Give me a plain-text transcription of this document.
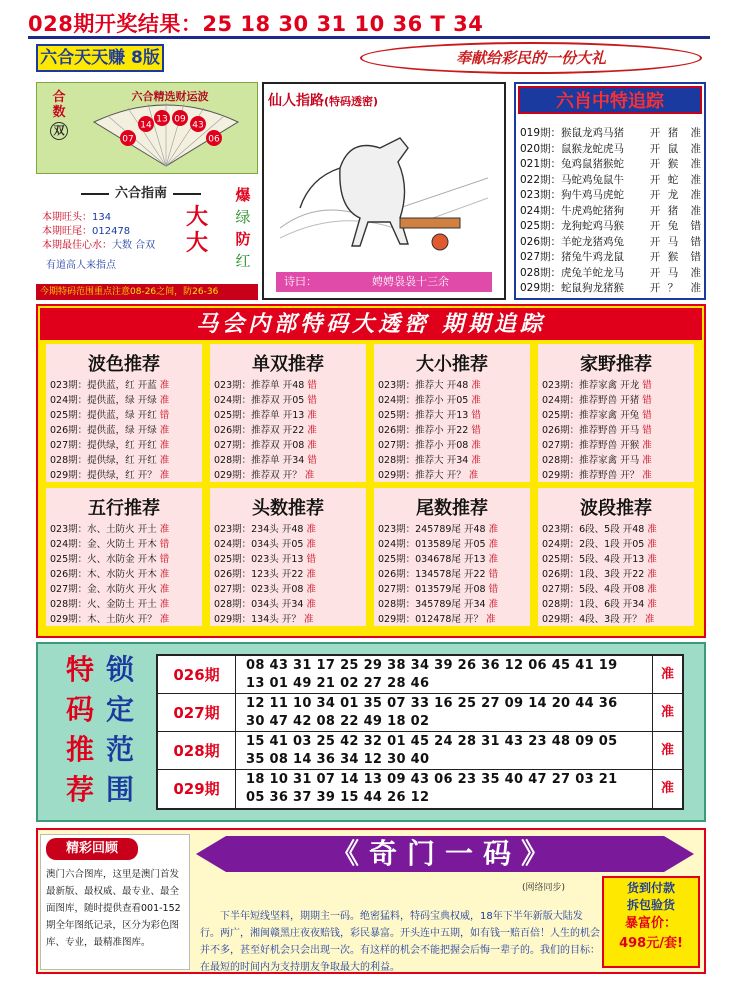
028期开奖结果：25 18 30 31 10 36 T 34
六合天天赚 8版	奉献给彩民的一份大礼
合数
双
六合精选财运波
07
14
13 09
43
06
六合指南
本期旺头：134
本期旺尾：012478
本期最佳心水：大数 合双
有道高人来指点
大
大
爆
绿
防
红
今期特码范围重点注意08-26之间，防26-36
仙人指路(特码透密)
诗曰：	娉娉袅袅十三余
六肖中特追踪
019期：猴鼠龙鸡马猪 开 猪 准
020期：鼠猴龙蛇虎马 开 鼠 准
021期：兔鸡鼠猪猴蛇 开 猴 准
022期：马蛇鸡兔鼠牛 开 蛇 准
023期：狗牛鸡马虎蛇 开 龙 准
024期：牛虎鸡蛇猪狗 开 猪 准
025期：龙狗蛇鸡马猴 开 兔 错
026期：羊蛇龙猪鸡兔 开 马 错
027期：猪兔牛鸡龙鼠 开 猴 错
028期：虎兔羊蛇龙马 开 马 准
029期：蛇鼠狗龙猪猴 开 ？ 准
马会内部特码大透密 期期追踪
波色推荐
023期：提供蓝，红 开蓝 准
024期：提供蓝，绿 开绿 准
025期：提供蓝，绿 开红 错
026期：提供蓝，绿 开绿 准
027期：提供绿，红 开红 准
028期：提供绿，红 开红 准
029期：提供绿，红 开？ 准
单双推荐
023期：推荐单 开48 错
024期：推荐双 开05 错
025期：推荐单 开13 准
026期：推荐双 开22 准
027期：推荐双 开08 准
028期：推荐单 开34 错
029期：推荐双 开？ 准
大小推荐
023期：推荐大 开48 准
024期：推荐小 开05 准
025期：推荐大 开13 错
026期：推荐小 开22 错
027期：推荐小 开08 准
028期：推荐大 开34 准
029期：推荐大 开？ 准
家野推荐
023期：推荐家禽 开龙 错
024期：推荐野兽 开猪 错
025期：推荐家禽 开兔 错
026期：推荐野兽 开马 错
027期：推荐野兽 开猴 准
028期：推荐家禽 开马 准
029期：推荐野兽 开？ 准
五行推荐
023期：水、土防火 开土 准
024期：金、火防土 开木 错
025期：火、水防金 开木 错
026期：木、水防火 开木 准
027期：金、水防火 开火 准
028期：火、金防土 开土 准
029期：木、土防火 开？ 准
头数推荐
023期：234头 开48 准
024期：034头 开05 准
025期：023头 开13 错
026期：123头 开22 准
027期：023头 开08 准
028期：034头 开34 准
029期：134头 开？ 准
尾数推荐
023期：245789尾 开48 准
024期：013589尾 开05 准
025期：034678尾 开13 准
026期：134578尾 开22 错
027期：013579尾 开08 错
028期：345789尾 开34 准
029期：012478尾 开？ 准
波段推荐
023期：6段、5段 开48 准
024期：2段、1段 开05 准
025期：5段、4段 开13 准
026期：1段、3段 开22 准
027期：5段、4段 开08 准
028期：1段、6段 开34 准
029期：4段、3段 开？ 准
特 锁
码 定
推 范
荐 围
026期
08 43 31 17 25 29 38 34 39 26 36 12 06 45 41 19
13 01 49 21 02 27 28 46
准
027期
12 11 10 34 01 35 07 33 16 25 27 09 14 20 44 36
30 47 42 08 22 49 18 02
准
028期
15 41 03 25 42 32 01 45 24 28 31 43 23 48 09 05
35 08 14 36 34 12 30 40
准
029期
18 10 31 07 14 13 09 43 06 23 35 40 47 27 03 21
05 36 37 39 15 44 26 12
准
精彩回顾
澳门六合图库，这里是澳门首发最新版、最权威、最专业、最全面图库，随时提供查看001-152期全年图纸记录，区分为彩色图库、专业，最精准图库。
《奇门一码》
(网络同步)
下半年短线坚料，期期主一码。绝密猛料，特码宝典权威，18年下半年新版大陆发行。两广，湘闽赣黑庄夜夜赔钱，彩民暴富。开头连中五期，如有钱一赔百倍！人生的机会并不多，甚至好机会只会出现一次。有这样的机会不能把握会后悔一辈子的。我们的目标：在最短的时间内为支持朋友争取最大的利益。
货到付款
拆包验货
暴富价：
498元/套!
